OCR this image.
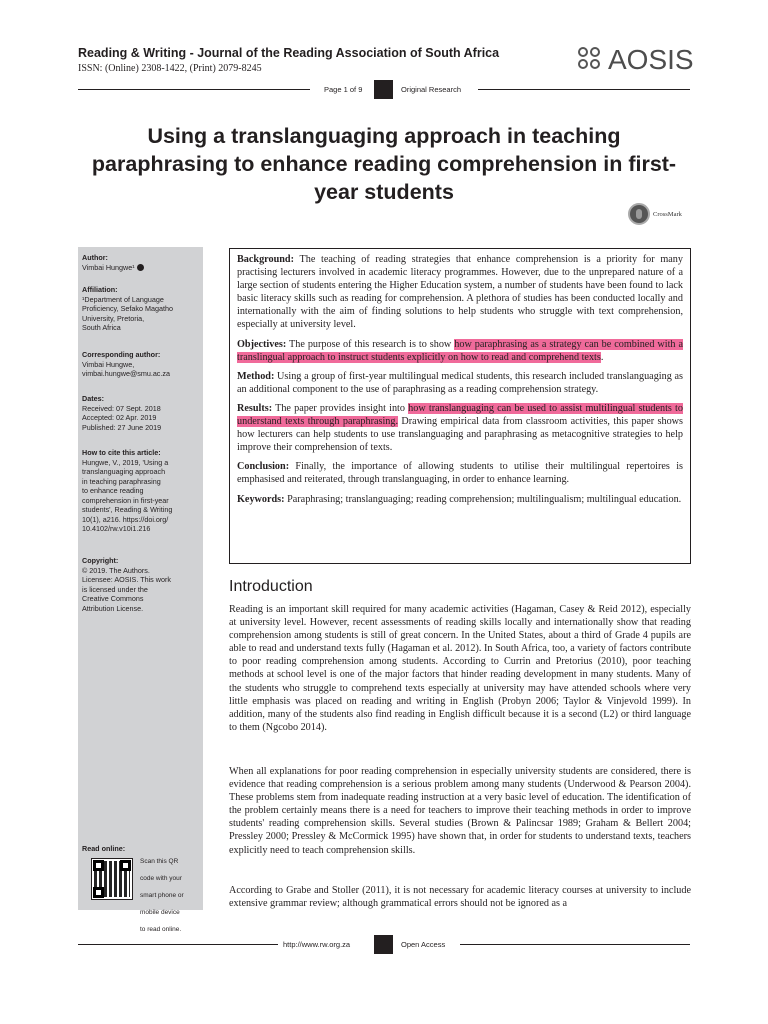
Reading & Writing - Journal of the Reading Association of South Africa
ISSN: (Online) 2308-1422, (Print) 2079-8245	AOSIS
Page 1 of 9	Original Research
Using a translanguaging approach in teaching paraphrasing to enhance reading comprehension in first-year students
CrossMark
Author:
Vimbai Hungwe¹
Affiliation:
¹Department of Language
Proficiency, Sefako Magatho
University, Pretoria,
South Africa
Corresponding author:
Vimbai Hungwe,
vimbai.hungwe@smu.ac.za
Dates:
Received: 07 Sept. 2018
Accepted: 02 Apr. 2019
Published: 27 June 2019
How to cite this article:
Hungwe, V., 2019, 'Using a
translanguaging approach
in teaching paraphrasing
to enhance reading
comprehension in first-year
students', Reading & Writing
10(1), a216. https://doi.org/
10.4102/rw.v10i1.216
Copyright:
© 2019. The Authors.
Licensee: AOSIS. This work
is licensed under the
Creative Commons
Attribution License.
Read online:
Scan this QR

code with your

smart phone or

mobile device

to read online.

Background: The teaching of reading strategies that enhance comprehension is a priority for many practising lecturers involved in academic literacy programmes. However, due to the unprepared nature of a large section of students entering the Higher Education system, a number of students have been found to lack basic literacy skills such as reading for comprehension. A plethora of studies has been conducted locally and internationally with the aim of finding solutions to help students who struggle with text comprehension, especially at university level.

Objectives: The purpose of this research is to show how paraphrasing as a strategy can be combined with a translingual approach to instruct students explicitly on how to read and comprehend texts.

Method: Using a group of first-year multilingual medical students, this research included translanguaging as an additional component to the use of paraphrasing as a reading comprehension strategy.

Results: The paper provides insight into how translanguaging can be used to assist multilingual students to understand texts through paraphrasing. Drawing empirical data from classroom activities, this paper shows how lecturers can help students to use translanguaging and paraphrasing as metacognitive strategies to help improve their comprehension of texts.

Conclusion: Finally, the importance of allowing students to utilise their multilingual repertoires is emphasised and reiterated, through translanguaging, in order to enhance learning.

Keywords: Paraphrasing; translanguaging; reading comprehension; multilingualism; multilingual education.

Introduction

Reading is an important skill required for many academic activities (Hagaman, Casey & Reid 2012), especially at university level. However, recent assessments of reading skills locally and internationally show that reading comprehension among students is still of great concern. In the United States, about a third of Grade 4 pupils are able to read and understand texts fully (Hagaman et al. 2012). In South Africa, too, a variety of factors contribute to poor reading comprehension among students. According to Currin and Pretorius (2010), poor teaching methods at school level is one of the major factors that hinder reading development in many students. Many of the students who struggle to comprehend texts especially at university may have attended schools where very little emphasis was placed on reading and writing in English (Probyn 2006; Taylor & Vinjevold 1999). In addition, many of the students also find reading in English difficult because it is a second (L2) or third language to them (Ngcobo 2014).

When all explanations for poor reading comprehension in especially university students are considered, there is evidence that reading comprehension is a serious problem among many students (Underwood & Pearson 2004). These problems stem from inadequate reading instruction at a very basic level of education. The identification of the problem certainly means there is a need for teachers to improve their teaching methods in order to improve students' reading comprehension skills. Several studies (Brown & Palincsar 1989; Graham & Bellert 2004; Pressley 2000; Pressley & McCormick 1995) have shown that, in order for students to understand texts, teachers explicitly need to teach comprehension skills.

According to Grabe and Stoller (2011), it is not necessary for academic literacy courses at university to include extensive grammar review; although grammatical errors should not be ignored as a

http://www.rw.org.za	Open Access
